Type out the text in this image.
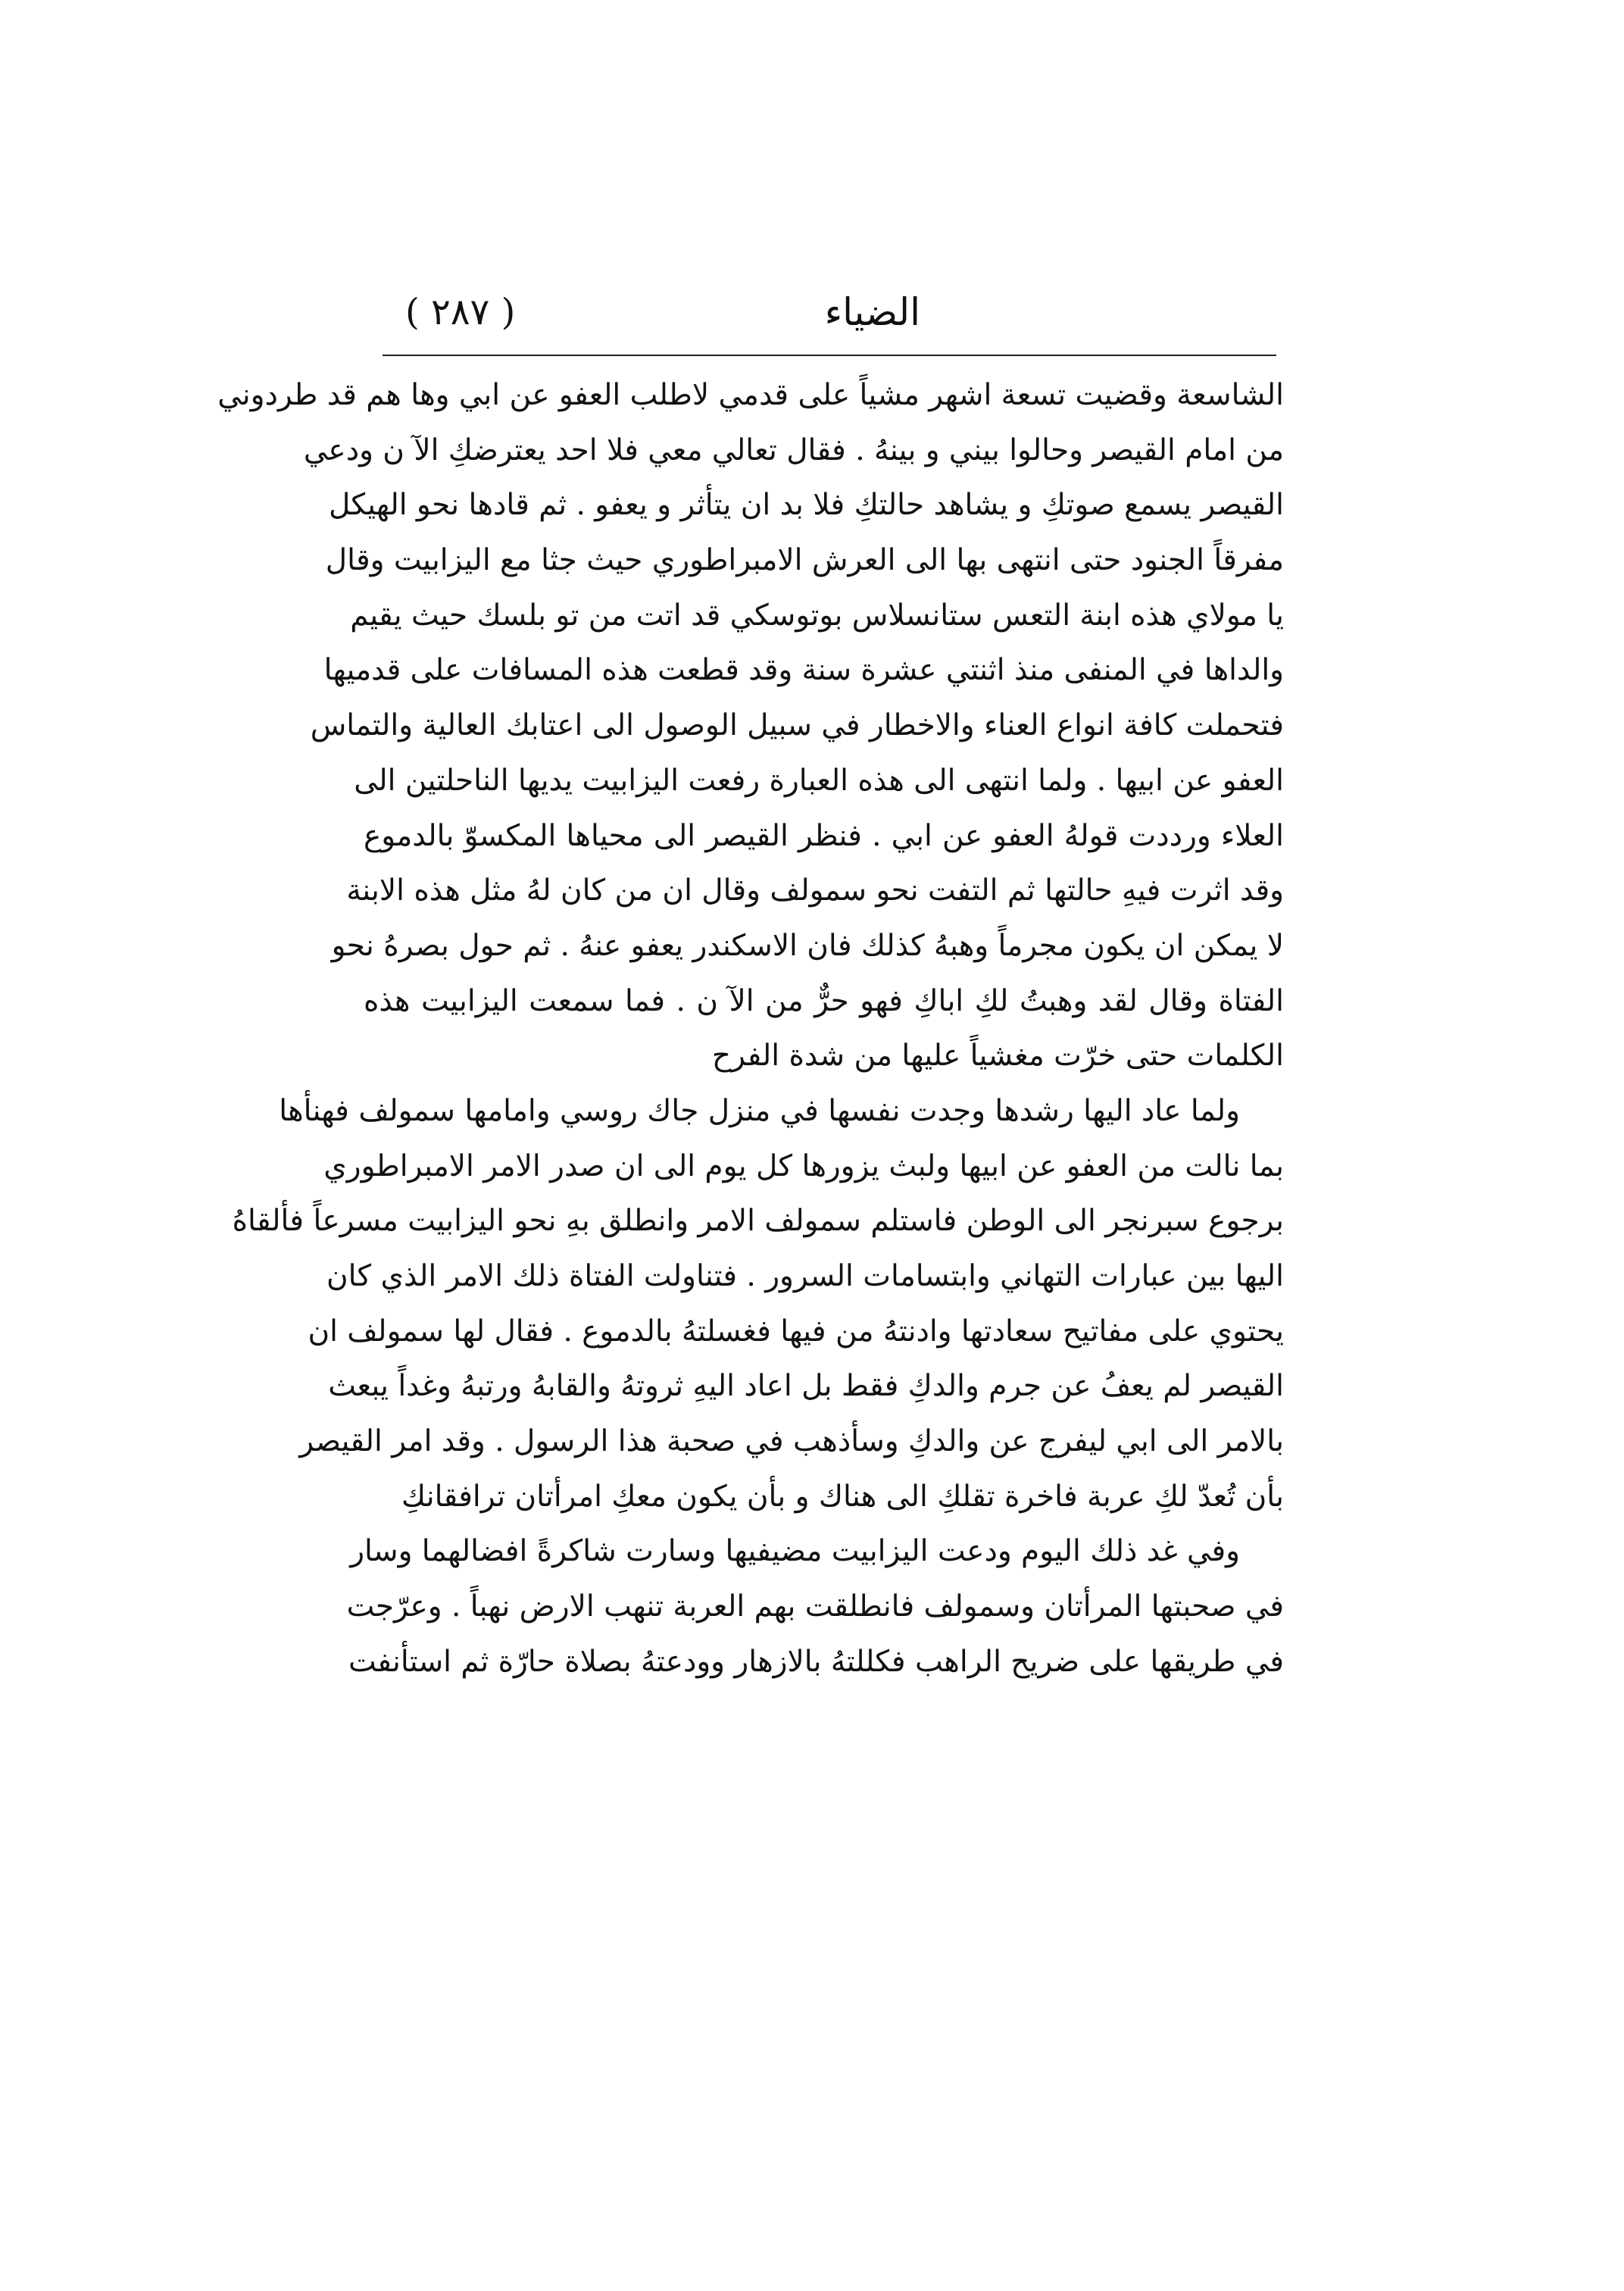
الضياء
( ٢٨٧ )
الشاسعة وقضيت تسعة اشهر مشياً على قدمي لاطلب العفو عن ابي وها هم قد طردوني
من امام القيصر وحالوا بيني و بينهُ . فقال تعالي معي فلا احد يعترضكِ الآ ن ودعي
القيصر يسمع صوتكِ و يشاهد حالتكِ فلا بد ان يتأثر و يعفو . ثم قادها نحو الهيكل
مفرقاً الجنود حتى انتهى بها الى العرش الامبراطوري حيث جثا مع اليزابيت وقال
يا مولاي هذه ابنة التعس ستانسلاس بوتوسكي قد اتت من تو بلسك حيث يقيم
والداها في المنفى منذ اثنتي عشرة سنة وقد قطعت هذه المسافات على قدميها
فتحملت كافة انواع العناء والاخطار في سبيل الوصول الى اعتابك العالية والتماس
العفو عن ابيها . ولما انتهى الى هذه العبارة رفعت اليزابيت يديها الناحلتين الى
العلاء ورددت قولهُ العفو عن ابي . فنظر القيصر الى محياها المكسوّ بالدموع
وقد اثرت فيهِ حالتها ثم التفت نحو سمولف وقال ان من كان لهُ مثل هذه الابنة
لا يمكن ان يكون مجرماً وهبهُ كذلك فان الاسكندر يعفو عنهُ . ثم حول بصرهُ نحو
الفتاة وقال لقد وهبتُ لكِ اباكِ فهو حرٌّ من الآ ن . فما سمعت اليزابيت هذه
الكلمات حتى خرّت مغشياً عليها من شدة الفرح
ولما عاد اليها رشدها وجدت نفسها في منزل جاك روسي وامامها سمولف فهنأها
بما نالت من العفو عن ابيها ولبث يزورها كل يوم الى ان صدر الامر الامبراطوري
برجوع سبرنجر الى الوطن فاستلم سمولف الامر وانطلق بهِ نحو اليزابيت مسرعاً فألقاهُ
اليها بين عبارات التهاني وابتسامات السرور . فتناولت الفتاة ذلك الامر الذي كان
يحتوي على مفاتيح سعادتها وادنتهُ من فيها فغسلتهُ بالدموع . فقال لها سمولف ان
القيصر لم يعفُ عن جرم والدكِ فقط بل اعاد اليهِ ثروتهُ والقابهُ ورتبهُ وغداً يبعث
بالامر الى ابي ليفرج عن والدكِ وسأذهب في صحبة هذا الرسول . وقد امر القيصر
بأن تُعدّ لكِ عربة فاخرة تقلكِ الى هناك و بأن يكون معكِ امرأتان ترافقانكِ
وفي غد ذلك اليوم ودعت اليزابيت مضيفيها وسارت شاكرةً افضالهما وسار
في صحبتها المرأتان وسمولف فانطلقت بهم العربة تنهب الارض نهباً . وعرّجت
في طريقها على ضريح الراهب فكللتهُ بالازهار وودعتهُ بصلاة حارّة ثم استأنفت
